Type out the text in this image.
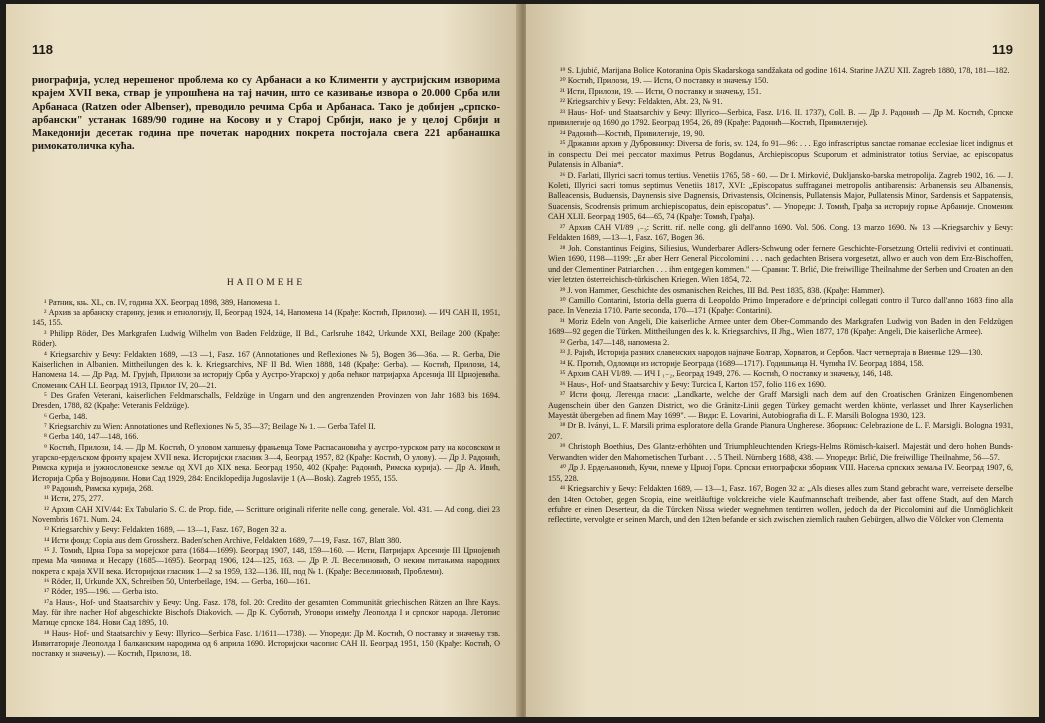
118

риографија, услед нерешеног проблема ко су Арбанаси а ко Клименти у аустријским изворима крајем XVII века, ствар је упрошћена на тај начин, што се казивање извора о 20.000 Срба или Арбанаса (Ratzen oder Albenser), преводило речима Срба и Арбанаса. Тако је добијен „српско-арбански" устанак 1689/90 године на Косову и у Старој Србији, иако је у целој Србији и Македонији десетак година пре почетак народних покрета постојала свега 221 арбанашка римокатоличка кућа.

НАПОМЕНЕ

¹ Ратник, књ. XL, св. IV, година XX. Београд 1898, 389, Напомена 1.

² Архив за арбанску старину, језик и етнологију, II, Београд 1924, 14, Напомена 14 (Крађе: Костић, Прилози). — ИЧ САН II, 1951, 145, 155.

³ Philipp Röder, Des Markgrafen Ludwig Wilhelm von Baden Feldzüge, II Bd., Carlsruhe 1842, Urkunde XXI, Beilage 200 (Крађе: Röder).

⁴ Kriegsarchiv у Бечу: Feldakten 1689, —13 —1, Fasz. 167 (Annotationes und Reflexiones № 5), Bogen 36—36a. — R. Gerba, Die Kaiserlichen in Albanien. Mittheilungen des k. k. Kriegsarchivs, NF II Bd. Wien 1888, 148 (Крађе: Gerba). — Костић, Прилози, 14, Напомена 14. — Др Рад. М. Грујић, Прилози за историју Срба у Аустро-Угарској у доба пећког патријарха Арсенија III Црнојевића. Споменик САН LI. Београд 1913, Прилог IV, 20—21.

⁵ Des Grafen Veterani, kaiserlichen Feldmarschalls, Feldzüge in Ungarn und den angrenzenden Provinzen von Jahr 1683 bis 1694. Dresden, 1788, 82 (Крађе: Veteranis Feldzüge).

⁶ Gerba, 148.

⁷ Kriegsarchiv zu Wien: Annotationes und Reflexiones № 5, 35—37; Beilage № 1. — Gerba Tafel II.

⁸ Gerba 140, 147—148, 166.

⁹ Костић, Прилози, 14. — Др М. Костић, О уловом хапшењу фрањевца Томе Распасановића у аустро-турском рату на косовском и угарско-ердељском фронту крајем XVII века. Историјски гласник 3—4, Београд 1957, 82 (Крађе: Костић, О улову). — Др Ј. Радонић, Римска курија и јужнословенске земље од XVI до XIX века. Београд 1950, 402 (Крађе: Радонић, Римска курија). — Др А. Ивић, Историја Срба у Војводини. Нови Сад 1929, 284: Enciklopedija Jugoslavije 1 (A—Bosk). Zagreb 1955, 155.

¹⁰ Радонић, Римска курија, 268.

¹¹ Исти, 275, 277.

¹² Архив САН XIV/44: Ex Tabulario S. C. de Prop. fide, — Scritture originali riferite nelle cong. generale. Vol. 431. — Ad cong. diei 23 Novembris 1671. Num. 24.

¹³ Kriegsarchiv у Бечу: Feldakten 1689, — 13—1, Fasz. 167, Bogen 32 a.

¹⁴ Исти фонд: Copia aus dem Grossherz. Baden'schen Archive, Feldakten 1689, 7—19, Fasz. 167, Blatt 380.

¹⁵ J. Томић, Црна Гора за морејског рата (1684—1699). Београд 1907, 148, 159—160. — Исти, Патријарх Арсеније III Црнојевић према Ма чинима и Несару (1685—1695). Београд 1906, 124—125, 163. — Др Р. Л. Веселиновић, О неким питањима народних покрета с краја XVII века. Историјски гласник 1—2 за 1959, 132—136. III, под № 1. (Крађе: Веселиновић, Проблеми).

¹⁶ Röder, II, Urkunde XX, Schreiben 50, Unterbeilage, 194. — Gerba, 160—161.

¹⁷ Röder, 195—196. — Gerba isto.

¹⁷a Haus-, Hof- und Staatsarchiv у Бечу: Ung. Fasz. 178, fol. 20: Credito der gesamten Communität griechischen Rätzen an Ihre Kays. May. für ihre nacher Hof abgeschickte Bischofs Diakovich. — Др К. Суботић, Уговори између Леополда I и српског народа. Летопис Матице српске 184. Нови Сад 1895, 10.

¹⁸ Haus- Hof- und Staatsarchiv у Бечу: Illyrico—Serbica Fasc. 1/1611—1738). — Упореди: Др М. Костић, О поставку и значењу тзв. Инвитаторије Леополда I балканским народима од 6 априла 1690. Историјски часопис САН II. Београд 1951, 150 (Крађе: Костић, О поставку и значењу). — Костић, Прилози, 18.

119

¹⁹ S. Ljubić, Marijana Bolice Kotoranina Opis Skadarskoga sandžakata od godine 1614. Starine JAZU XII. Zagreb 1880, 178, 181—182.

²⁰ Костић, Прилози, 19. — Исти, О поставку и значењу 150.

²¹ Исти, Прилози, 19. — Исти, О поставку и значењу, 151.

²² Kriegsarchiv у Бечу: Feldakten, Abt. 23, № 91.

²³ Haus- Hof- und Staatsarchiv у Бечу: Illyrico—Serbica, Fasz. I/16. II. 1737), Coll. B. — Др J. Радонић — Др М. Костић, Српске привилегије од 1690 до 1792. Београд 1954, 26, 89 (Крађе: Радонић—Костић, Привилегије).

²⁴ Радонић—Костић, Привилегије, 19, 90.

²⁵ Државни архив у Дубровнику: Diversa de foris, sv. 124, fo 91—96: . . . Ego infrascriptus sanctae romanae ecclesiae licet indignus et in conspectu Dei mei peccator maximus Petrus Bogdanus, Archiepiscopus Scuporum et administrator totius Serviae, ac episcopatus Pulatensis in Albania*.

²⁶ D. Farlati, Illyrici sacri tomus tertius. Venetiis 1765, 58 - 60. — Dr I. Mirković, Dukljansko-barska metropolija. Zagreb 1902, 16. — J. Koleti, Illyrici sacri tomus septimus Venetiis 1817, XVI: „Episcopatus suffraganei metropolis antibarensis: Arbanensis seu Albanensis, Balleacensis, Buduensis, Daynensis sive Dagnensis, Drivastensis, Olcinensis, Pullatensis Major, Pullatensis Minor, Sardensis et Sappatensis, Suacensis, Scodrensis primum archiepiscopatus, dein episcopatus". — Упореди: J. Томић, Грађа за историју горње Арбаније. Споменик САН XLII. Београд 1905, 64—65, 74 (Крађе: Томић, Грађа).

²⁷ Архив САН VI/89 ₁₋₃: Scritt. rif. nelle cong. gli dell'anno 1690. Vol. 506. Cong. 13 marzo 1690. № 13 —Kriegsarchiv у Бечу: Feldakten 1689, —13—1, Fasz. 167, Bogen 36.

²⁸ Joh. Constantinus Feigins, Siliesius, Wunderbarer Adlers-Schwung oder fernere Geschichte-Forsetzung Ortelii redivivi et continuati. Wien 1690, 1198—1199: „Er aber Herr General Piccolomini . . . nach gedachten Brisera vorgesetzt, allwo er auch von dem Erz-Bischoffen, und der Clementiner Patriarchen . . . ihm entgegen kommen." — Сравни: T. Brlić, Die freiwillige Theilnahme der Serben und Croaten an den vier letzten österreichisch-türkischen Kriegen. Wien 1854, 72.

²⁹ J. von Hammer, Geschichte des osmanischen Reiches, III Bd. Pest 1835, 838. (Крађе: Hammer).

³⁰ Camillo Contarini, Istoria della guerra di Leopoldo Primo Imperadore e de'principi collegati contro il Turco dall'anno 1683 fino alla pace. In Venezia 1710. Parte seconda, 170—171 (Крађе: Contarini).

³¹ Moriz Edeln von Angeli, Die kaiserliche Armee unter dem Ober-Commando des Markgrafen Ludwig von Baden in den Feldzügen 1689—92 gegen die Türken. Mittheilungen des k. k. Kriegsarchivs, II Jhg., Wien 1877, 178 (Крађе: Angeli, Die kaiserliche Armee).

³² Gerba, 147—148, напомена 2.

³³ J. Рајић, Историја разних славенских народов најпаче Болгар, Хорватов, и Сербов. Част четвертаја в Виенње 129—130.

³⁴ К. Протић, Одломци из историје Београда (1689—1717). Годишњица Н. Чупића IV. Београд 1884, 158.

³⁵ Архив САН VI/89. — ИЧ I ₁₋₂, Београд 1949, 276. — Костић, О поставку и значењу, 146, 148.

³⁶ Haus-, Hof- und Staatsarchiv у Бечу: Turcica I, Karton 157, folio 116 ex 1690.

³⁷ Исти фонд. Легенда гласи: „Landkarte, welche der Graff Marsigli nach dem auf den Croatischen Gränizen Eingenombenen Augenschein über den Ganzen District, wo die Gränitz-Linii gegen Türkey gemacht werden khönte, verlasset und Ihrer Kayserlichen Mayestät übergeben ad finem May 1699". — Види: E. Lovarini, Autobiografia di L. F. Marsili Bologna 1930, 123.

³⁸ Dr B. Iványi, L. F. Marsili prima esploratore della Grande Pianura Ungherese. Зборник: Celebrazione de L. F. Marsigli. Bologna 1931, 207.

³⁹ Christoph Boethius, Des Glantz-erhöhten und Triumphleuchtenden Kriegs-Helms Römisch-kaiserl. Majestät und dero hohen Bunds-Verwandten wider den Mahometischen Turbant . . . 5 Theil. Nürnberg 1688, 438. — Упореди: Brlić, Die freiwillige Theilnahme, 56—57.

⁴⁰ Др J. Ердељановић, Кучи, племе у Црној Гори. Српски етнографски зборник VIII. Насеља српских земаља IV. Београд 1907, 6, 155, 228.

⁴¹ Kriegsarchiv у Бечу: Feldakten 1689, — 13—1, Fasz. 167, Bogen 32 a: „Als dieses alles zum Stand gebracht ware, verreisete derselbe den 14ten October, gegen Scopia, eine weitläuftige volckreiche viele Kaufmannschaft treibende, aber fast offene Stadt, auf den March erfuhre er einen Deserteur, da die Türcken Nissa wieder wegnehmen tentirren wollen, jedoch da der Piccolomini auf die Unmöglichkeit reflectirte, vervolgte er seinen March, und den 12ten befande er sich zwischen ziemlich rauhen Gebürgen, allwo die Völcker von Clementa
